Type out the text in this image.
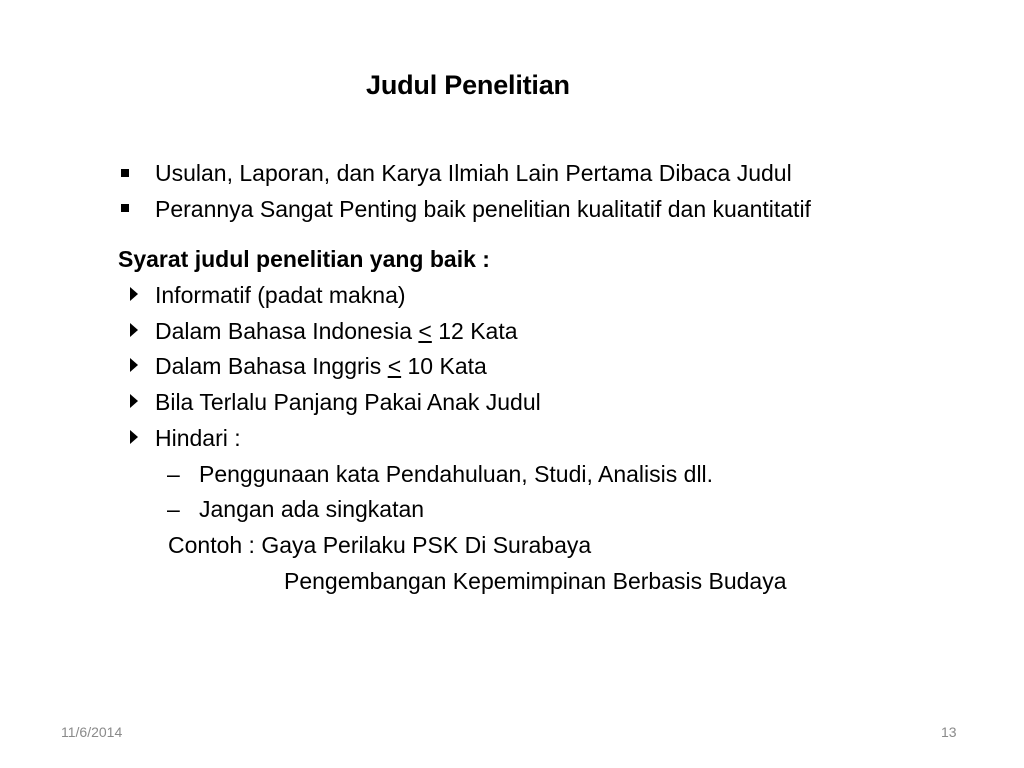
Judul Penelitian
Usulan, Laporan, dan Karya Ilmiah Lain Pertama Dibaca Judul
Perannya Sangat Penting baik penelitian kualitatif dan kuantitatif
Syarat judul penelitian yang baik :
Informatif (padat makna)
Dalam Bahasa Indonesia ≤ 12 Kata
Dalam Bahasa Inggris ≤ 10 Kata
Bila Terlalu Panjang Pakai Anak Judul
Hindari :
– Penggunaan kata Pendahuluan, Studi, Analisis dll.
– Jangan ada singkatan
Contoh : Gaya Perilaku PSK Di Surabaya
Pengembangan Kepemimpinan Berbasis Budaya
11/6/2014	13
